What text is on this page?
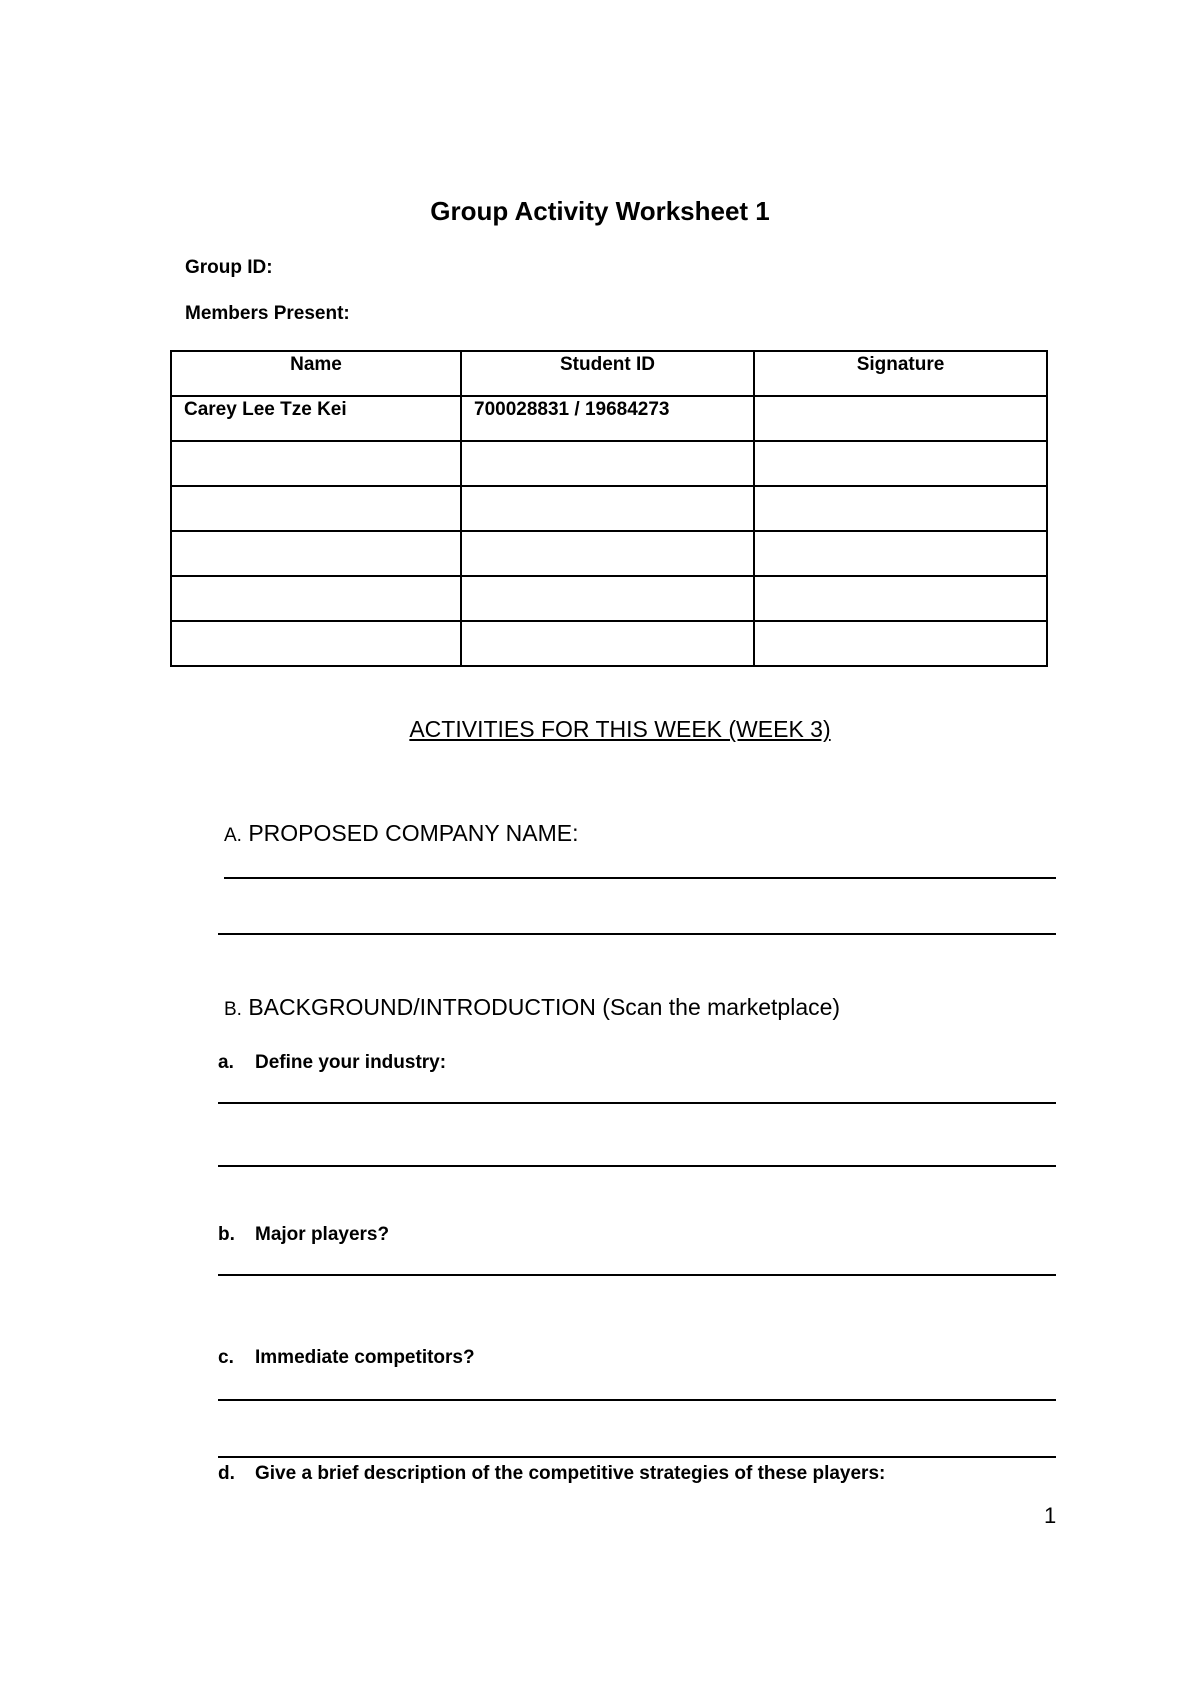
Group Activity Worksheet 1
Group ID:
Members Present:
Name	Student ID	Signature
Carey Lee Tze Kei	700028831 / 19684273	

ACTIVITIES FOR THIS WEEK (WEEK 3)
A. PROPOSED COMPANY NAME:
B. BACKGROUND/INTRODUCTION (Scan the marketplace)
a. Define your industry:
b. Major players?
c. Immediate competitors?
d. Give a brief description of the competitive strategies of these players:
1
